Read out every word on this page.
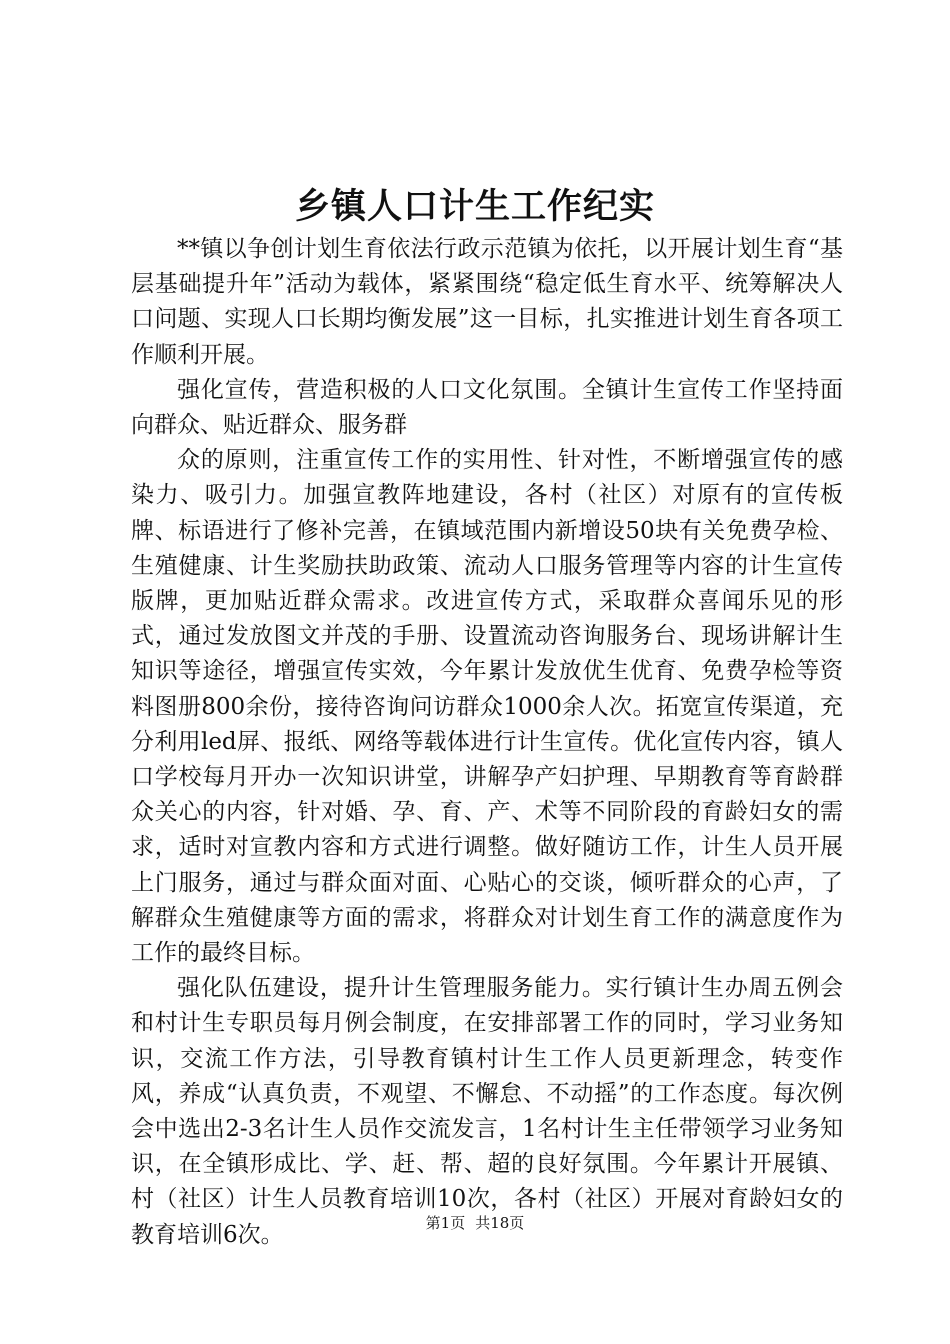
乡镇人口计生工作纪实

**镇以争创计划生育依法行政示范镇为依托，以开展计划生育“基层基础提升年”活动为载体，紧紧围绕“稳定低生育水平、统筹解决人口问题、实现人口长期均衡发展”这一目标，扎实推进计划生育各项工作顺利开展。

强化宣传，营造积极的人口文化氛围。全镇计生宣传工作坚持面向群众、贴近群众、服务群

众的原则，注重宣传工作的实用性、针对性，不断增强宣传的感染力、吸引力。加强宣教阵地建设，各村（社区）对原有的宣传板牌、标语进行了修补完善，在镇域范围内新增设50块有关免费孕检、生殖健康、计生奖励扶助政策、流动人口服务管理等内容的计生宣传版牌，更加贴近群众需求。改进宣传方式，采取群众喜闻乐见的形式，通过发放图文并茂的手册、设置流动咨询服务台、现场讲解计生知识等途径，增强宣传实效，今年累计发放优生优育、免费孕检等资料图册800余份，接待咨询问访群众1000余人次。拓宽宣传渠道，充分利用led屏、报纸、网络等载体进行计生宣传。优化宣传内容，镇人口学校每月开办一次知识讲堂，讲解孕产妇护理、早期教育等育龄群众关心的内容，针对婚、孕、育、产、术等不同阶段的育龄妇女的需求，适时对宣教内容和方式进行调整。做好随访工作，计生人员开展上门服务，通过与群众面对面、心贴心的交谈，倾听群众的心声，了解群众生殖健康等方面的需求，将群众对计划生育工作的满意度作为工作的最终目标。

强化队伍建设，提升计生管理服务能力。实行镇计生办周五例会和村计生专职员每月例会制度，在安排部署工作的同时，学习业务知识，交流工作方法，引导教育镇村计生工作人员更新理念，转变作风，养成“认真负责，不观望、不懈怠、不动摇”的工作态度。每次例会中选出2-3名计生人员作交流发言，1名村计生主任带领学习业务知识，在全镇形成比、学、赶、帮、超的良好氛围。今年累计开展镇、村（社区）计生人员教育培训10次，各村（社区）开展对育龄妇女的教育培训6次。	第1页 共18页
